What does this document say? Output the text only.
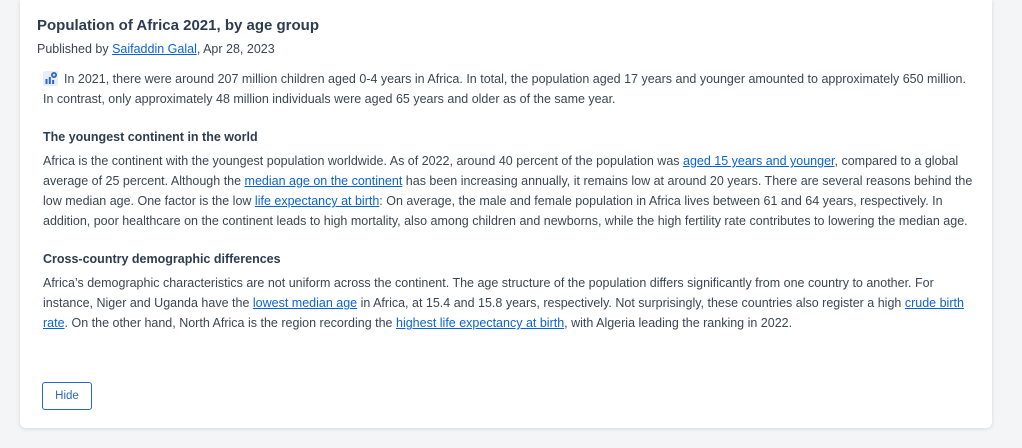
Population of Africa 2021, by age group
Published by Saifaddin Galal, Apr 28, 2023
In 2021, there were around 207 million children aged 0-4 years in Africa. In total, the population aged 17 years and younger amounted to approximately 650 million. In contrast, only approximately 48 million individuals were aged 65 years and older as of the same year.
The youngest continent in the world
Africa is the continent with the youngest population worldwide. As of 2022, around 40 percent of the population was aged 15 years and younger, compared to a global average of 25 percent. Although the median age on the continent has been increasing annually, it remains low at around 20 years. There are several reasons behind the low median age. One factor is the low life expectancy at birth: On average, the male and female population in Africa lives between 61 and 64 years, respectively. In addition, poor healthcare on the continent leads to high mortality, also among children and newborns, while the high fertility rate contributes to lowering the median age.
Cross-country demographic differences
Africa’s demographic characteristics are not uniform across the continent. The age structure of the population differs significantly from one country to another. For instance, Niger and Uganda have the lowest median age in Africa, at 15.4 and 15.8 years, respectively. Not surprisingly, these countries also register a high crude birth rate. On the other hand, North Africa is the region recording the highest life expectancy at birth, with Algeria leading the ranking in 2022.
Hide
